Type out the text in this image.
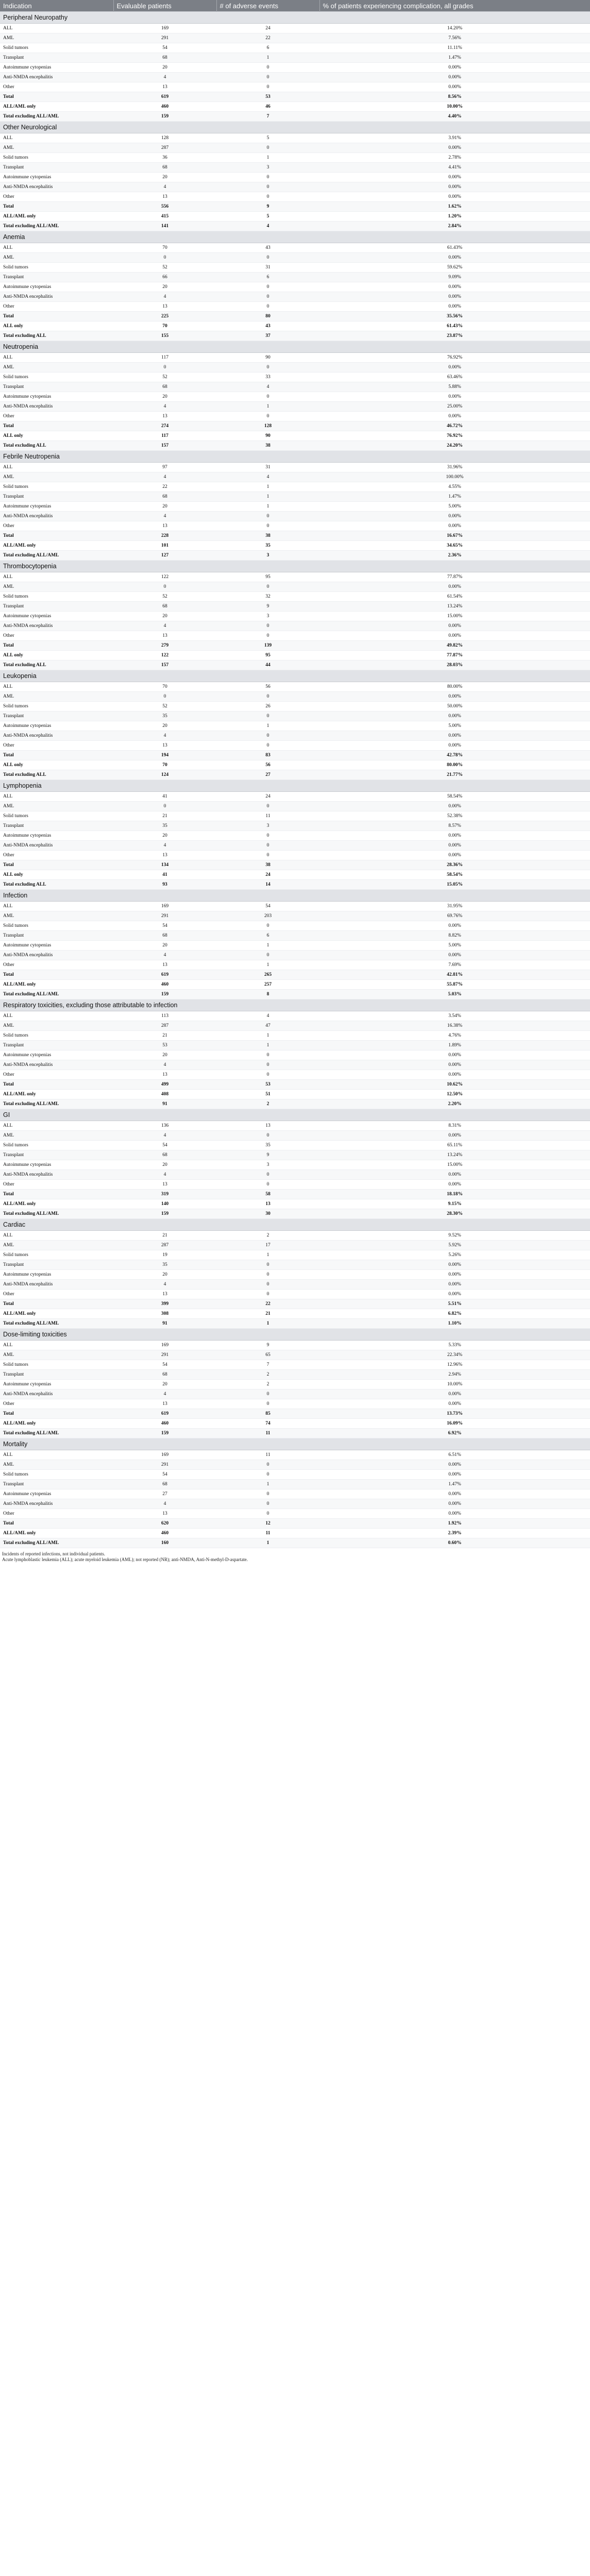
Indication	Evaluable patients	# of adverse events	% of patients experiencing complication, all grades
Peripheral Neuropathy			
ALL	169	24	14.20%
AML	291	22	7.56%
Solid tumors	54	6	11.11%
Transplant	68	1	1.47%
Autoimmune cytopenias	20	0	0.00%
Anti-NMDA encephalitis	4	0	0.00%
Other	13	0	0.00%
Total	619	53	8.56%
ALL/AML only	460	46	10.00%
Total excluding ALL/AML	159	7	4.40%
Other Neurological			
ALL	128	5	3.91%
AML	287	0	0.00%
Solid tumors	36	1	2.78%
Transplant	68	3	4.41%
Autoimmune cytopenias	20	0	0.00%
Anti-NMDA encephalitis	4	0	0.00%
Other	13	0	0.00%
Total	556	9	1.62%
ALL/AML only	415	5	1.20%
Total excluding ALL/AML	141	4	2.84%
Anemia			
ALL	70	43	61.43%
AML	0	0	0.00%
Solid tumors	52	31	59.62%
Transplant	66	6	9.09%
Autoimmune cytopenias	20	0	0.00%
Anti-NMDA encephalitis	4	0	0.00%
Other	13	0	0.00%
Total	225	80	35.56%
ALL only	70	43	61.43%
Total excluding ALL	155	37	23.87%
Neutropenia			
ALL	117	90	76.92%
AML	0	0	0.00%
Solid tumors	52	33	63.46%
Transplant	68	4	5.88%
Autoimmune cytopenias	20	0	0.00%
Anti-NMDA encephalitis	4	1	25.00%
Other	13	0	0.00%
Total	274	128	46.72%
ALL only	117	90	76.92%
Total excluding ALL	157	38	24.20%
Febrile Neutropenia			
ALL	97	31	31.96%
AML	4	4	100.00%
Solid tumors	22	1	4.55%
Transplant	68	1	1.47%
Autoimmune cytopenias	20	1	5.00%
Anti-NMDA encephalitis	4	0	0.00%
Other	13	0	0.00%
Total	228	38	16.67%
ALL/AML only	101	35	34.65%
Total excluding ALL/AML	127	3	2.36%
Thrombocytopenia			
ALL	122	95	77.87%
AML	0	0	0.00%
Solid tumors	52	32	61.54%
Transplant	68	9	13.24%
Autoimmune cytopenias	20	3	15.00%
Anti-NMDA encephalitis	4	0	0.00%
Other	13	0	0.00%
Total	279	139	49.82%
ALL only	122	95	77.87%
Total excluding ALL	157	44	28.03%
Leukopenia			
ALL	70	56	80.00%
AML	0	0	0.00%
Solid tumors	52	26	50.00%
Transplant	35	0	0.00%
Autoimmune cytopenias	20	1	5.00%
Anti-NMDA encephalitis	4	0	0.00%
Other	13	0	0.00%
Total	194	83	42.78%
ALL only	70	56	80.00%
Total excluding ALL	124	27	21.77%
Lymphopenia			
ALL	41	24	58.54%
AML	0	0	0.00%
Solid tumors	21	11	52.38%
Transplant	35	3	8.57%
Autoimmune cytopenias	20	0	0.00%
Anti-NMDA encephalitis	4	0	0.00%
Other	13	0	0.00%
Total	134	38	28.36%
ALL only	41	24	58.54%
Total excluding ALL	93	14	15.05%
Infection			
ALL	169	54	31.95%
AML	291	203	69.76%
Solid tumors	54	0	0.00%
Transplant	68	6	8.82%
Autoimmune cytopenias	20	1	5.00%
Anti-NMDA encephalitis	4	0	0.00%
Other	13	1	7.69%
Total	619	265	42.81%
ALL/AML only	460	257	55.87%
Total excluding ALL/AML	159	8	5.03%
Respiratory toxicities, excluding those attributable to infection			
ALL	113	4	3.54%
AML	287	47	16.38%
Solid tumors	21	1	4.76%
Transplant	53	1	1.89%
Autoimmune cytopenias	20	0	0.00%
Anti-NMDA encephalitis	4	0	0.00%
Other	13	0	0.00%
Total	499	53	10.62%
ALL/AML only	408	51	12.50%
Total excluding ALL/AML	91	2	2.20%
GI			
ALL	136	13	8.31%
AML	4	0	0.00%
Solid tumors	54	35	65.11%
Transplant	68	9	13.24%
Autoimmune cytopenias	20	3	15.00%
Anti-NMDA encephalitis	4	0	0.00%
Other	13	0	0.00%
Total	319	58	18.18%
ALL/AML only	140	13	9.15%
Total excluding ALL/AML	159	30	28.30%
Cardiac			
ALL	21	2	9.52%
AML	287	17	5.92%
Solid tumors	19	1	5.26%
Transplant	35	0	0.00%
Autoimmune cytopenias	20	0	0.00%
Anti-NMDA encephalitis	4	0	0.00%
Other	13	0	0.00%
Total	399	22	5.51%
ALL/AML only	308	21	6.82%
Total excluding ALL/AML	91	1	1.10%
Dose-limiting toxicities			
ALL	169	9	5.33%
AML	291	65	22.34%
Solid tumors	54	7	12.96%
Transplant	68	2	2.94%
Autoimmune cytopenias	20	2	10.00%
Anti-NMDA encephalitis	4	0	0.00%
Other	13	0	0.00%
Total	619	85	13.73%
ALL/AML only	460	74	16.09%
Total excluding ALL/AML	159	11	6.92%
Mortality			
ALL	169	11	6.51%
AML	291	0	0.00%
Solid tumors	54	0	0.00%
Transplant	68	1	1.47%
Autoimmune cytopenias	27	0	0.00%
Anti-NMDA encephalitis	4	0	0.00%
Other	13	0	0.00%
Total	620	12	1.92%
ALL/AML only	460	11	2.39%
Total excluding ALL/AML	160	1	0.60%
Incidents of reported infections, not individual patients.
Acute lymphoblastic leukemia (ALL); acute myeloid leukemia (AML); not reported (NR); anti-NMDA, Anti-N-methyl-D-aspartate.
